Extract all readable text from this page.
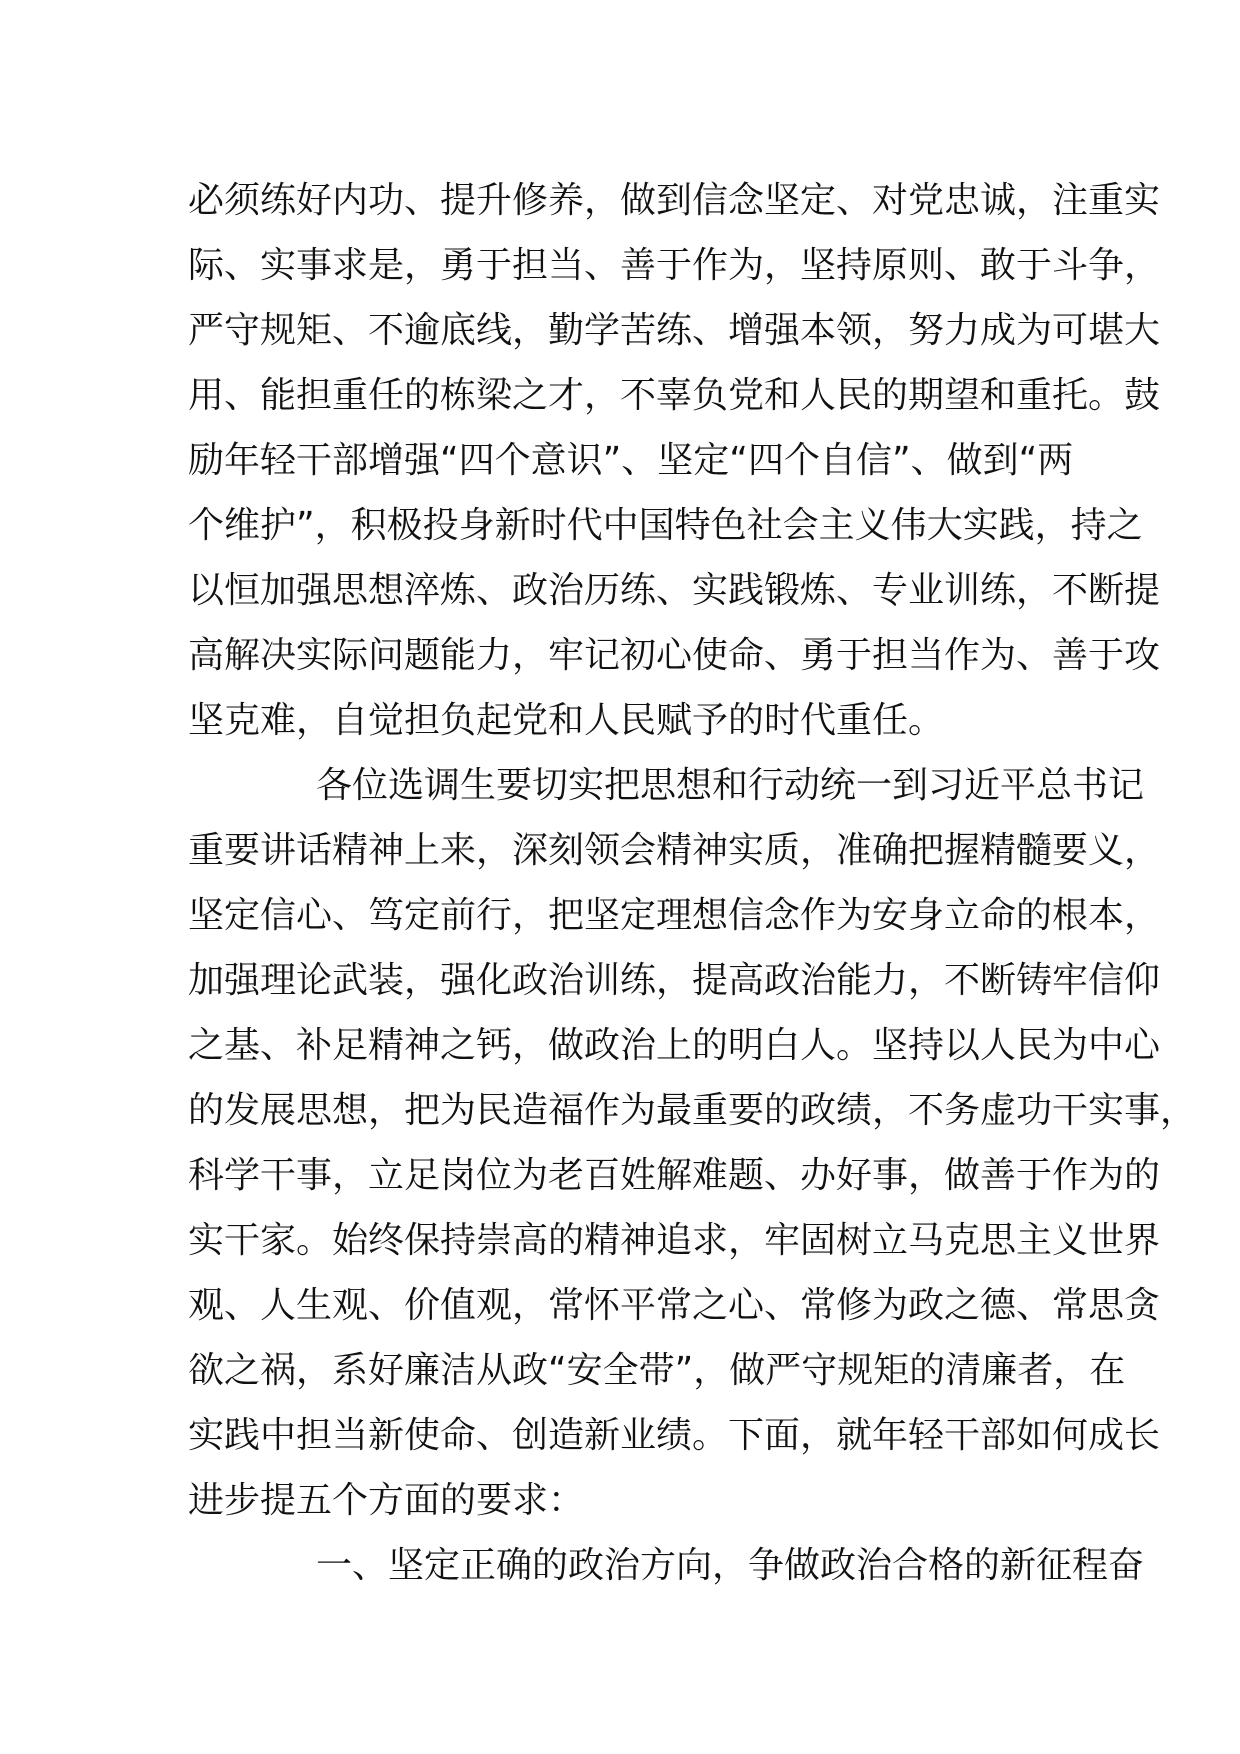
必须练好内功、提升修养，做到信念坚定、对党忠诚，注重实
际、实事求是，勇于担当、善于作为，坚持原则、敢于斗争，
严守规矩、不逾底线，勤学苦练、增强本领，努力成为可堪大
用、能担重任的栋梁之才，不辜负党和人民的期望和重托。鼓
励年轻干部增强“四个意识”、坚定“四个自信”、做到“两
个维护”，积极投身新时代中国特色社会主义伟大实践，持之
以恒加强思想淬炼、政治历练、实践锻炼、专业训练，不断提
高解决实际问题能力，牢记初心使命、勇于担当作为、善于攻
坚克难，自觉担负起党和人民赋予的时代重任。
各位选调生要切实把思想和行动统一到习近平总书记
重要讲话精神上来，深刻领会精神实质，准确把握精髓要义，
坚定信心、笃定前行，把坚定理想信念作为安身立命的根本，
加强理论武装，强化政治训练，提高政治能力，不断铸牢信仰
之基、补足精神之钙，做政治上的明白人。坚持以人民为中心
的发展思想，把为民造福作为最重要的政绩，不务虚功干实事，
科学干事，立足岗位为老百姓解难题、办好事，做善于作为的
实干家。始终保持崇高的精神追求，牢固树立马克思主义世界
观、人生观、价值观，常怀平常之心、常修为政之德、常思贪
欲之祸，系好廉洁从政“安全带”，做严守规矩的清廉者，在
实践中担当新使命、创造新业绩。下面，就年轻干部如何成长
进步提五个方面的要求：
一、坚定正确的政治方向，争做政治合格的新征程奋
